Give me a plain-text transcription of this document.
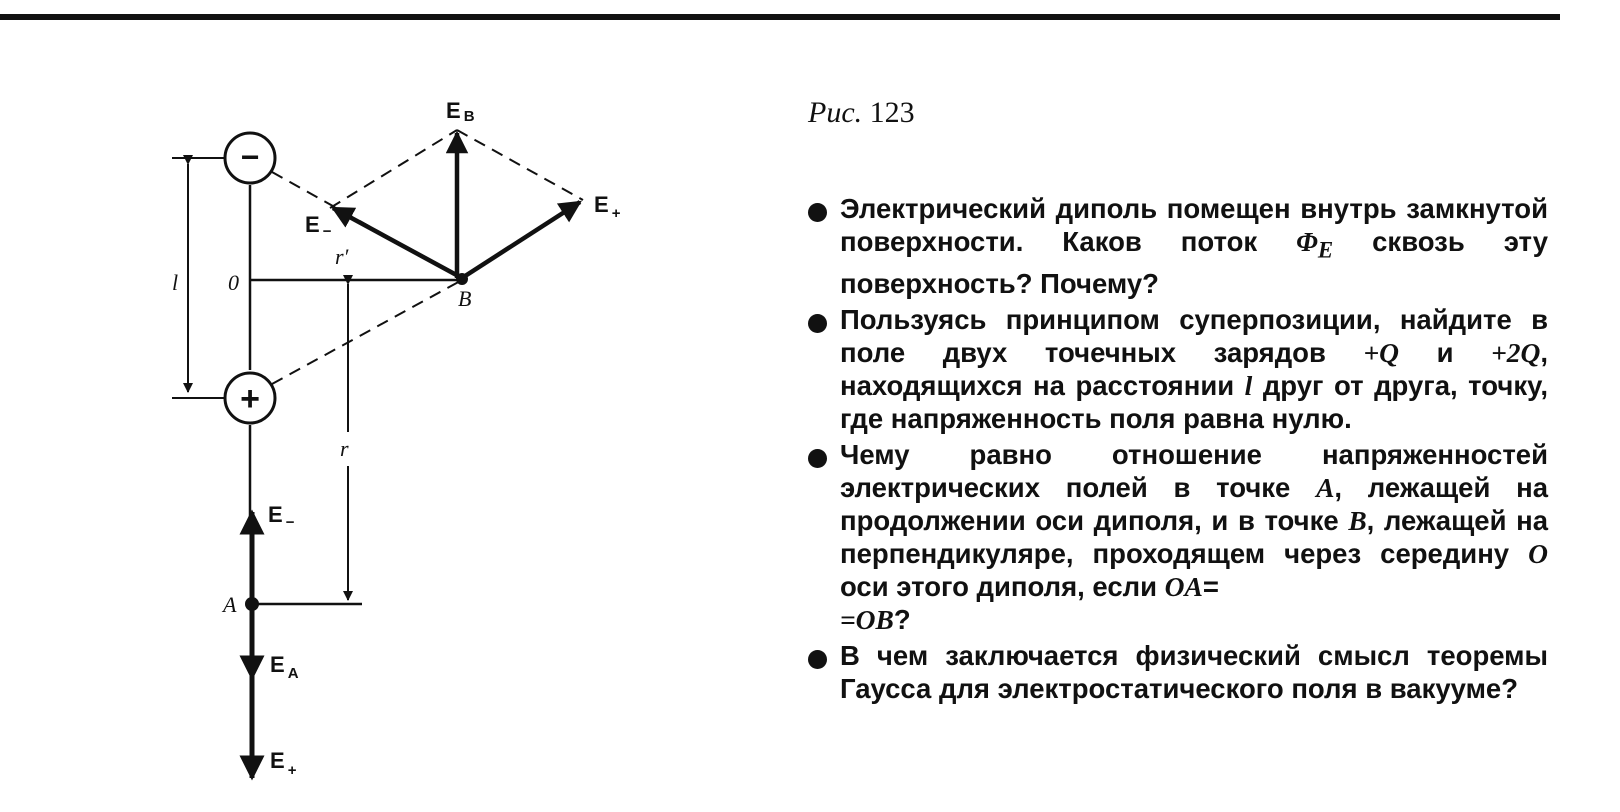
−
+
l 0
r′
B
E B
E $_+$
E −
r
A
E $_-$
E $_A$
E $_+$
Рис. 123
Электрический диполь помещен внутрь замкнутой поверхности. Каков поток $\Phi_E$ сквозь эту поверхность? Почему?
Пользуясь принципом суперпозиции, найдите в поле двух точечных зарядов +Q и +2Q, находящихся на расстоянии l друг от друга, точку, где напряженность поля равна нулю.
Чему равно отношение напряженностей электрических полей в точке A, лежащей на продолжении оси диполя, и в точке B, лежащей на перпендикуляре, проходящем через середину O оси этого диполя, если OA=
=OB?
В чем заключается физический смысл теоремы Гаусса для электростатического поля в вакууме?
